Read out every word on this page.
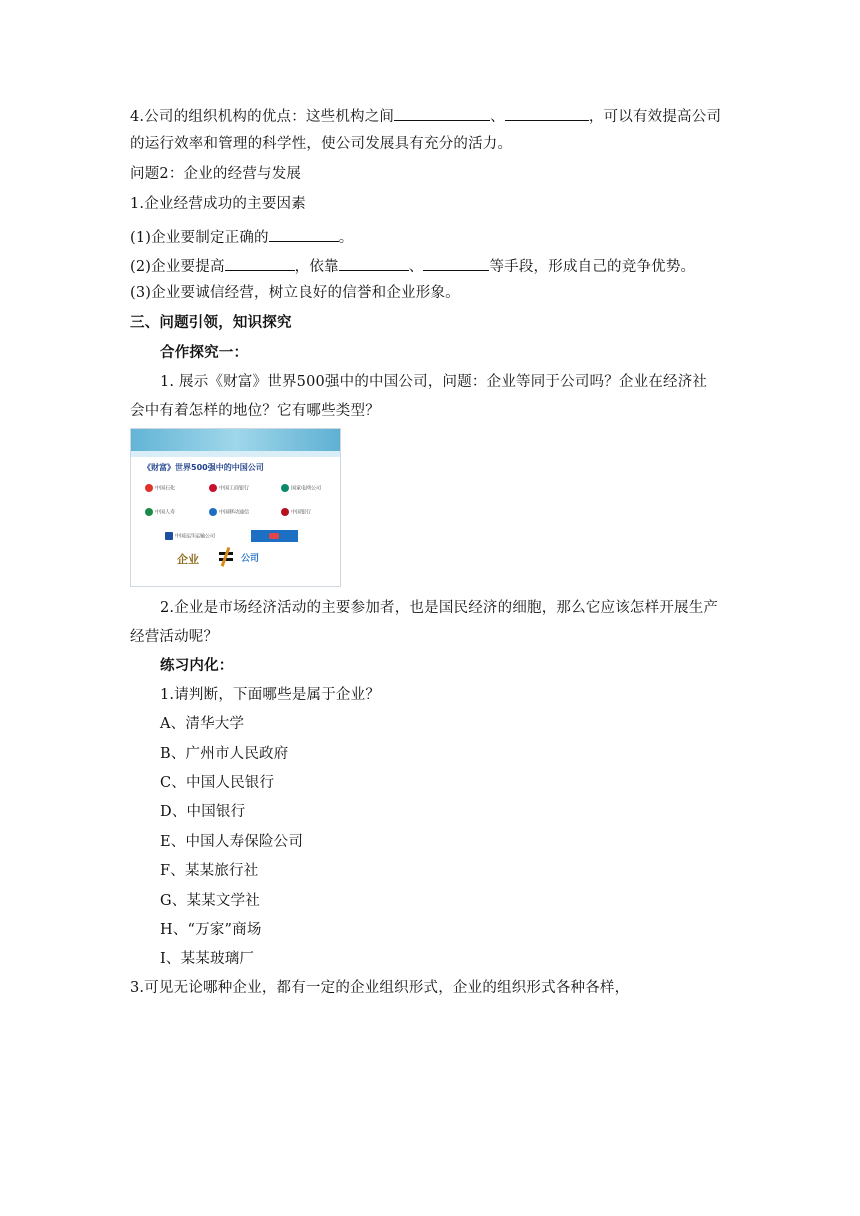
4.公司的组织机构的优点：这些机构之间	、	，可以有效提高公司
的运行效率和管理的科学性，使公司发展具有充分的活力。
问题2：企业的经营与发展
1.企业经营成功的主要因素
(1)企业要制定正确的	。
(2)企业要提高	，依靠	、	等手段，形成自己的竞争优势。
(3)企业要诚信经营，树立良好的信誉和企业形象。
三、问题引领，知识探究
合作探究一：
1. 展示《财富》世界500强中的中国公司，问题：企业等同于公司吗？企业在经济社
会中有着怎样的地位？它有哪些类型？
《财富》世界500强中的中国公司
中国石化	中国工商银行	国家电网公司
中国人寿	中国移动通信	中国银行
中国远洋运输公司
企业	公司
2.企业是市场经济活动的主要参加者，也是国民经济的细胞，那么它应该怎样开展生产
经营活动呢？
练习内化：
1.请判断，下面哪些是属于企业？
A、清华大学
B、广州市人民政府
C、中国人民银行
D、中国银行
E、中国人寿保险公司
F、某某旅行社
G、某某文学社
H、“万家”商场
I、某某玻璃厂
3.可见无论哪种企业，都有一定的企业组织形式，企业的组织形式各种各样，
